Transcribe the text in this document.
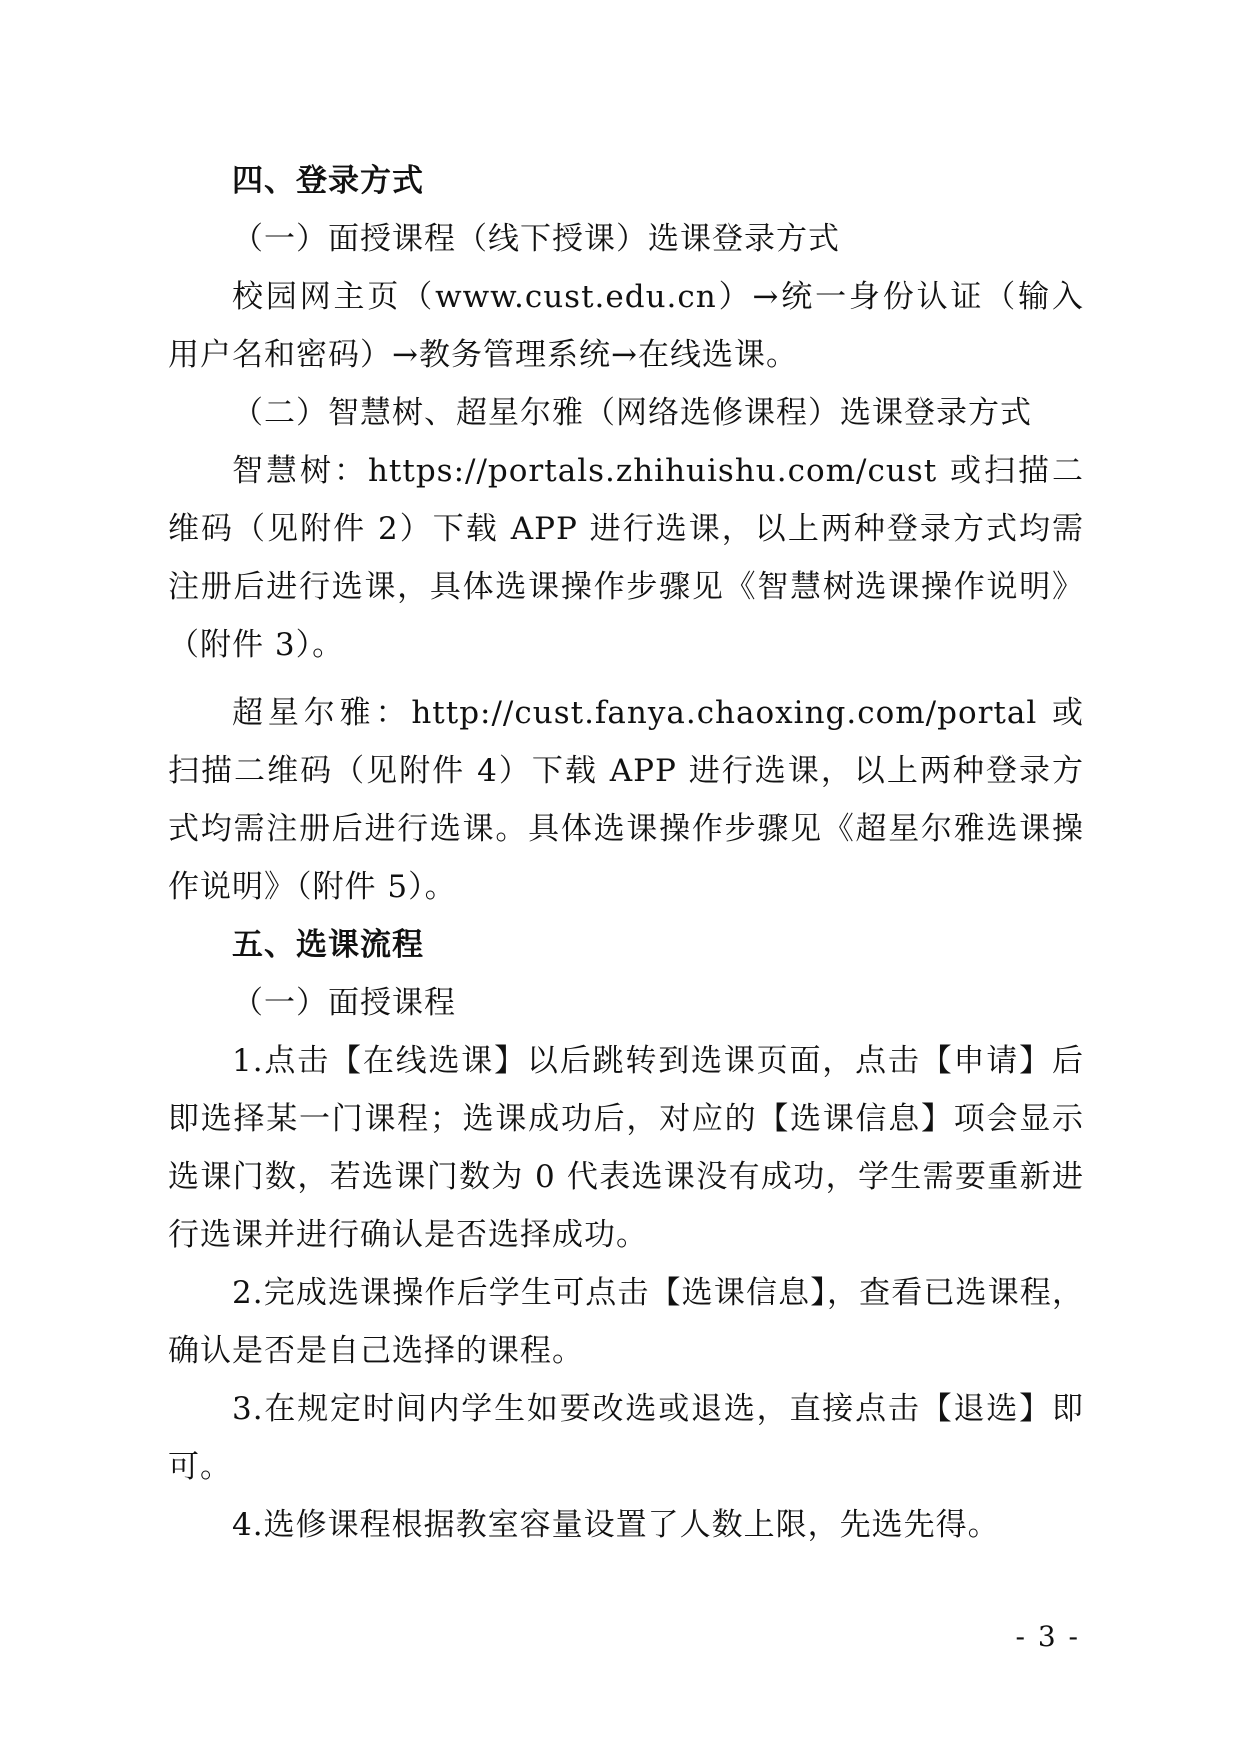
四、登录方式

（一）面授课程（线下授课）选课登录方式

校园网主页（www.cust.edu.cn）→统一身份认证（输入用户名和密码）→教务管理系统→在线选课。

（二）智慧树、超星尔雅（网络选修课程）选课登录方式

智慧树：https://portals.zhihuishu.com/cust 或扫描二维码（见附件 2）下载 APP 进行选课，以上两种登录方式均需注册后进行选课，具体选课操作步骤见《智慧树选课操作说明》（附件 3）。

超星尔雅：http://cust.fanya.chaoxing.com/portal 或扫描二维码（见附件 4）下载 APP 进行选课，以上两种登录方式均需注册后进行选课。具体选课操作步骤见《超星尔雅选课操作说明》（附件 5）。

五、选课流程

（一）面授课程

1.点击【在线选课】以后跳转到选课页面，点击【申请】后即选择某一门课程；选课成功后，对应的【选课信息】项会显示选课门数，若选课门数为 0 代表选课没有成功，学生需要重新进行选课并进行确认是否选择成功。

2.完成选课操作后学生可点击【选课信息】，查看已选课程，确认是否是自己选择的课程。

3.在规定时间内学生如要改选或退选，直接点击【退选】即可。

4.选修课程根据教室容量设置了人数上限，先选先得。

- 3 -
